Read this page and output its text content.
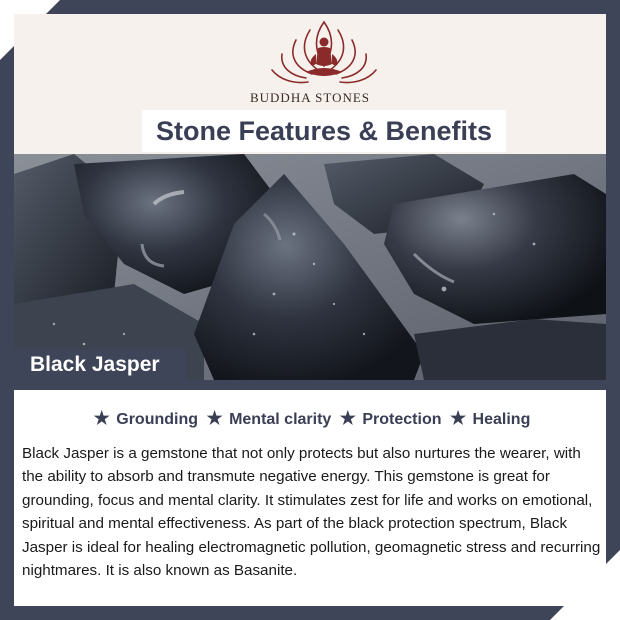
BUDDHA STONES
Stone Features & Benefits
Black Jasper
★ Grounding ★ Mental clarity ★ Protection ★ Healing
Black Jasper is a gemstone that not only protects but also nurtures the wearer, with the ability to absorb and transmute negative energy. This gemstone is great for grounding, focus and mental clarity. It stimulates zest for life and works on emotional, spiritual and mental effectiveness. As part of the black protection spectrum, Black Jasper is ideal for healing electromagnetic pollution, geomagnetic stress and recurring nightmares. It is also known as Basanite.
